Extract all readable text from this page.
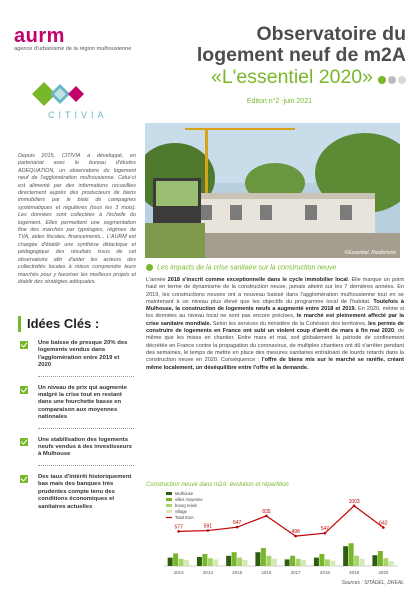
aurm
agence d'urbanisme de la région mulhousienne
CITIVIA
Observatoire du
logement neuf de m2A
«L'essentiel 2020»
Editon n°2 -juin 2021
©Essentiel, Riedisheim
Depuis 2015, CITIVIA a développé, en partenariat avec le bureau d'études ADEQUATION, un observatoire du logement neuf de l'agglomération mulhousienne. Celui-ci est alimenté par des informations recueillies directement auprès des producteurs de biens immobiliers par le biais de campagnes systématiques et régulières (tous les 3 mois). Les données sont collectées à l'échelle du logement. Elles permettent une segmentation fine des marchés par typologies, régimes de TVA, aides fiscales, financements... L'AURM est chargée d'établir une synthèse didactique et pédagogique des résultats issus de cet observatoire afin d'aider les acteurs des collectivités locales à mieux comprendre leurs marchés pour y favoriser les meilleurs projets et établir des stratégies adéquates.
Les impacts de la crise sanitaire sur la construction neuve
L'année 2018 s'inscrit comme exceptionnelle dans le cycle immobilier local. Elle marque un point haut en terme de dynamisme de la construction neuve, jamais atteint sur les 7 dernières années. En 2019, les constructions neuves ont a nouveau baissé dans l'agglomération mulhousienne tout en se maintenant à un niveau plus élevé que les objectifs du programme local de l'habitat. Toutefois à Mulhouse, la construction de logements neufs a augmenté entre 2018 et 2019. En 2020, même si les données au niveau local ne sont pas encore précises, le marché est pleinement affecté par la crise sanitaire mondiale. Selon les services du ministère de la Cohésion des territoires, les permis de construire de logements en France ont subi un violent coup d'arrêt de mars à fin mai 2020, de même que les mises en chantier. Entre mars et mai, soit globalement la période de confinement décrétée en France contre la propagation du coronavirus, de multiples chantiers ont dû s'arrêter pendant des semaines, le temps de mettre en place des mesures sanitaires entraînant de lourds retards dans la construction neuve en 2020. Conséquence : l'offre de biens mis sur le marché se raréfie, créant même localement, un déséquilibre entre l'offre et la demande.
Idées Clés :
Une baisse de presque 20% des logements vendus dans l'agglomération entre 2019 et 2020
Un niveau de prix qui augmente malgré la crise tout en restant dans une fourchette basse en comparaison aux moyennes nationales
Une stabilisation des logements neufs vendus à des investisseurs à Mulhouse
Des taux d'intérêt historiquement bas mais des banques très prudentes compte tenu des conditions économiques et sanitaires actuelles
Construction neuve dans m2A: évolution et répartition
2013	2014	2015	2016	2017	2018	2019	2020
577	591
647
835
498	547
1003
642
Mulhouse
villes moyenne
bourg relais
village
Total m2A
Sources : SITADEL, DREAL
